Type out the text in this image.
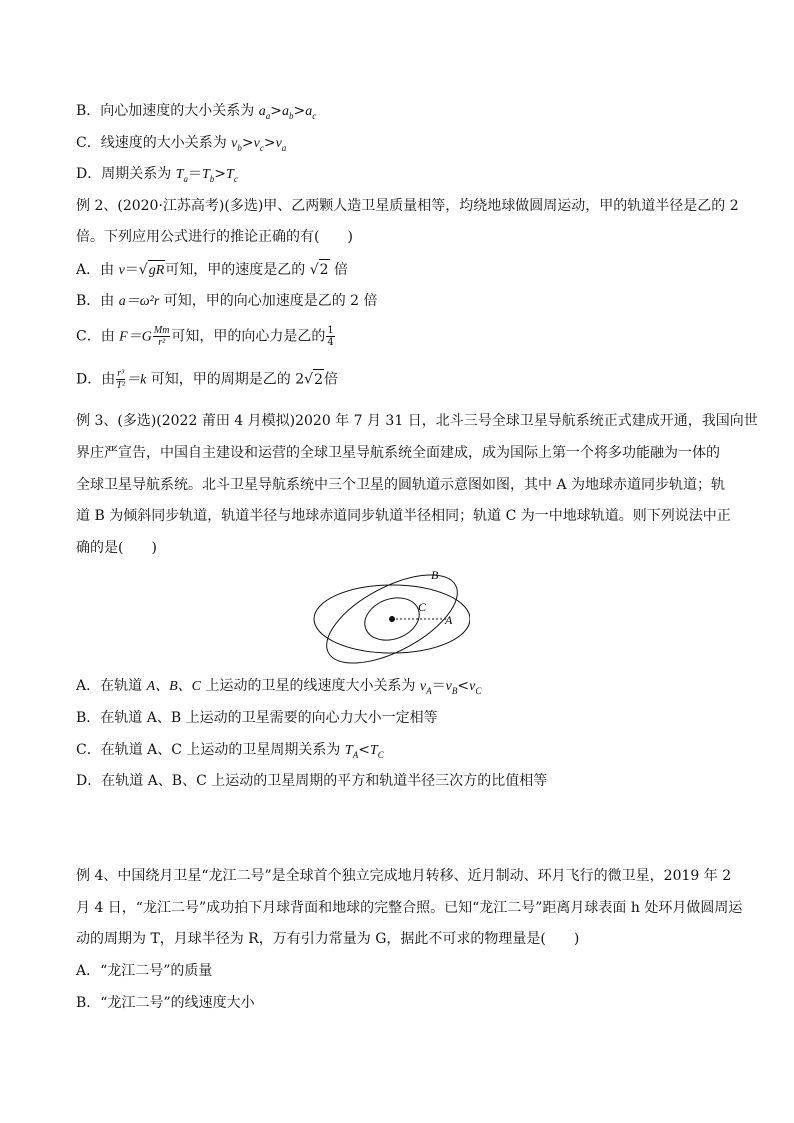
B．向心加速度的大小关系为 $a_a>a_b>a_c$
C．线速度的大小关系为 $v_b>v_c>v_a$
D．周期关系为 $T_a=T_b>T_c$
例 2、(2020·江苏高考)(多选)甲、乙两颗人造卫星质量相等，均绕地球做圆周运动，甲的轨道半径是乙的 2
倍。下列应用公式进行的推论正确的有(　　)
A．由 v＝√gR可知，甲的速度是乙的 √2 倍
B．由 a＝ω²r 可知，甲的向心加速度是乙的 2 倍
C．由 $F=G \frac{Mm}{\text{r²}}$ 可知，甲的向心力是乙的 $\frac{1}{4}$
D．由 $\frac{\text{r³}}{\text{T²}} =k$ 可知，甲的周期是乙的 2√2倍
例 3、(多选)(2022 莆田 4 月模拟)2020 年 7 月 31 日，北斗三号全球卫星导航系统正式建成开通，我国向世
界庄严宣告，中国自主建设和运营的全球卫星导航系统全面建成，成为国际上第一个将多功能融为一体的
全球卫星导航系统。北斗卫星导航系统中三个卫星的圆轨道示意图如图，其中 A 为地球赤道同步轨道；轨
道 B 为倾斜同步轨道，轨道半径与地球赤道同步轨道半径相同；轨道 C 为一中地球轨道。则下列说法中正
确的是(　　)
B
C
A
A．在轨道 A、B、C 上运动的卫星的线速度大小关系为 $v_A=v_B<v_C$
B．在轨道 A、B 上运动的卫星需要的向心力大小一定相等
C．在轨道 A、C 上运动的卫星周期关系为 $T_A<T_C$
D．在轨道 A、B、C 上运动的卫星周期的平方和轨道半径三次方的比值相等
例 4、中国绕月卫星“龙江二号”是全球首个独立完成地月转移、近月制动、环月飞行的微卫星，2019 年 2
月 4 日，“龙江二号”成功拍下月球背面和地球的完整合照。已知“龙江二号”距离月球表面 h 处环月做圆周运
动的周期为 T，月球半径为 R，万有引力常量为 G，据此不可求的物理量是(　　)
A．“龙江二号”的质量
B．“龙江二号”的线速度大小
